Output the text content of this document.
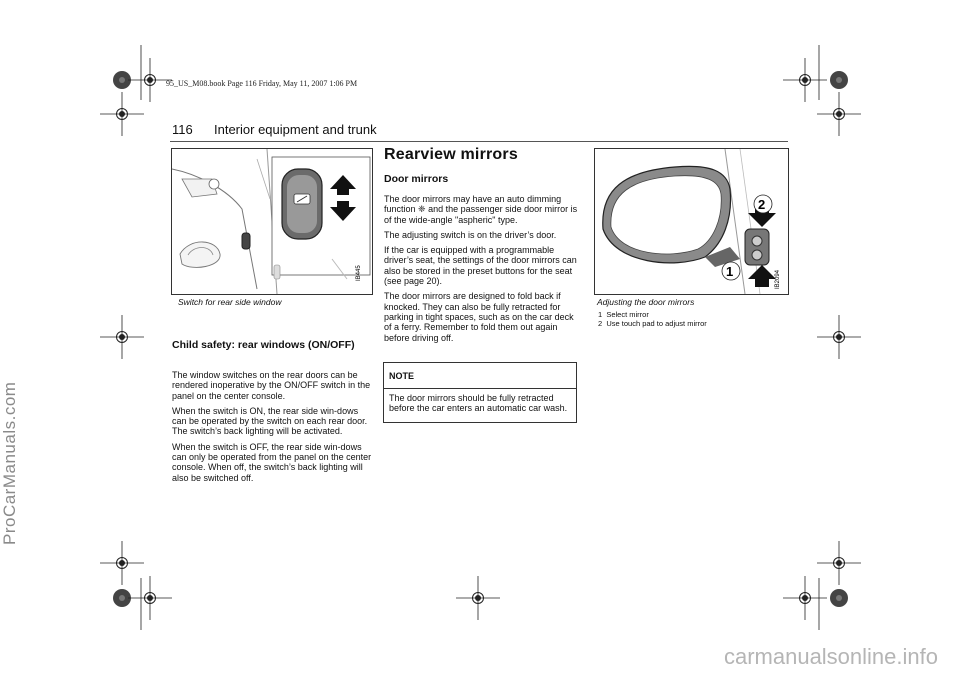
95_US_M08.book Page 116 Friday, May 11, 2007 1:06 PM
116 Interior equipment and trunk
IB445
Switch for rear side window
Child safety: rear windows (ON/OFF)

The window switches on the rear doors can be rendered inoperative by the ON/OFF switch in the panel on the center console.

When the switch is ON, the rear side win-dows can be operated by the switch on each rear door. The switch’s back lighting will be activated.

When the switch is OFF, the rear side win-dows can only be operated from the panel on the center console. When off, the switch’s back lighting will also be switched off.

Rearview mirrors
Door mirrors

The door mirrors may have an auto dimming function ❈ and the passenger side door mirror is of the wide-angle "aspheric" type.

The adjusting switch is on the driver’s door.

If the car is equipped with a programmable driver’s seat, the settings of the door mirrors can also be stored in the preset buttons for the seat (see page 20).

The door mirrors are designed to fold back if knocked. They can also be fully retracted for parking in tight spaces, such as on the car deck of a ferry. Remember to fold them out again before driving off.

NOTE
The door mirrors should be fully retracted before the car enters an automatic car wash.
2
1	IB2094
Adjusting the door mirrors
1 Select mirror
2 Use touch pad to adjust mirror
ProCarManuals.com
carmanualsonline.info
